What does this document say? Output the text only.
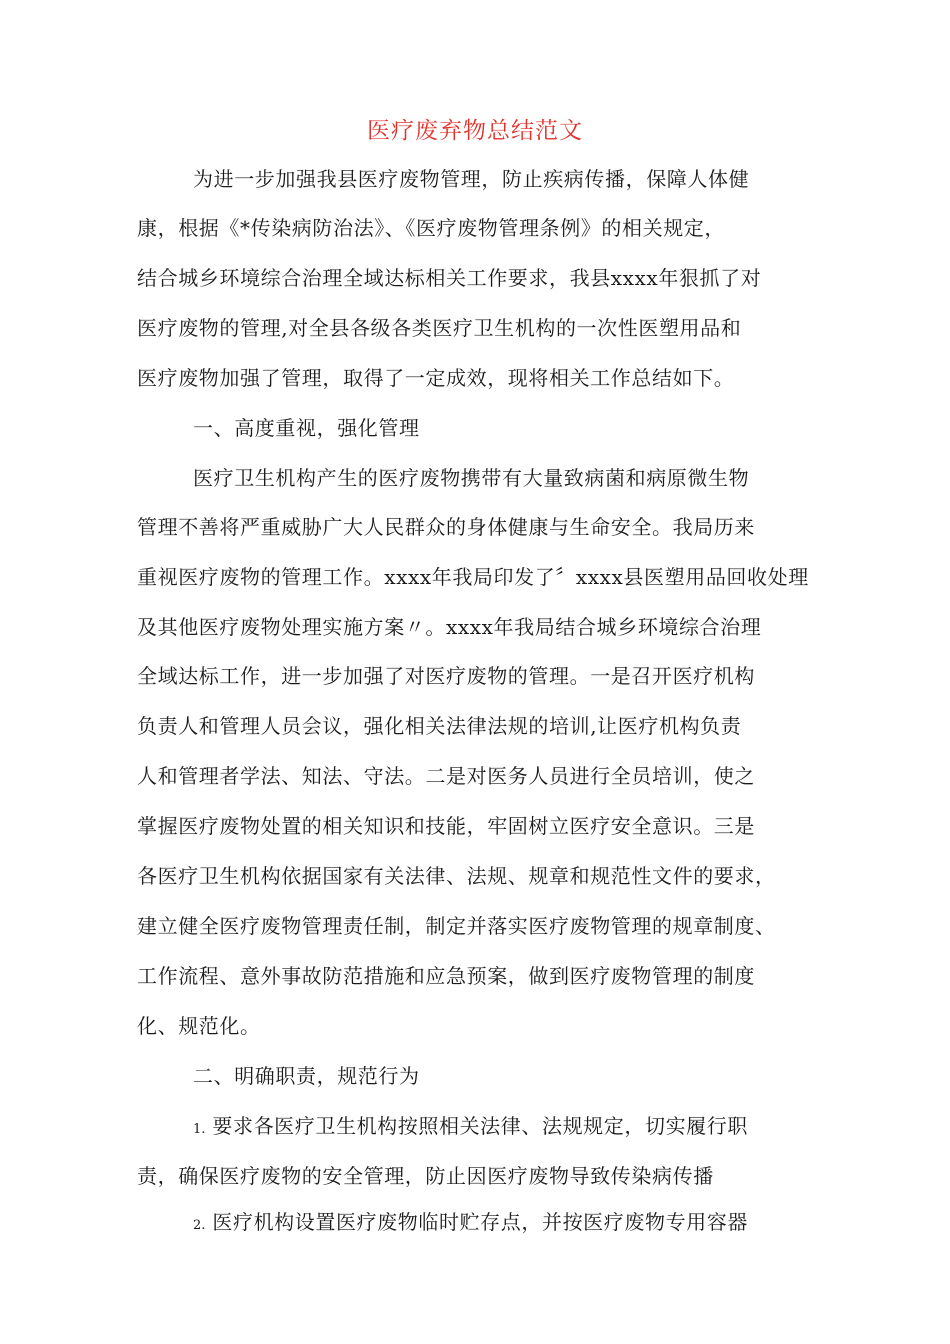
医疗废弃物总结范文
为进一步加强我县医疗废物管理，防止疾病传播，保障人体健
康，根据《*传染病防治法》、《医疗废物管理条例》的相关规定，
结合城乡环境综合治理全域达标相关工作要求，我县xxxx年狠抓了对
医疗废物的管理,对全县各级各类医疗卫生机构的一次性医塑用品和
医疗废物加强了管理，取得了一定成效，现将相关工作总结如下。
一、高度重视，强化管理
医疗卫生机构产生的医疗废物携带有大量致病菌和病原微生物
管理不善将严重威胁广大人民群众的身体健康与生命安全。我局历来
重视医疗废物的管理工作。xxxx年我局印发了〞xxxx县医塑用品回收处理
及其他医疗废物处理实施方案〃。xxxx年我局结合城乡环境综合治理
全域达标工作，进一步加强了对医疗废物的管理。一是召开医疗机构
负责人和管理人员会议，强化相关法律法规的培训,让医疗机构负责
人和管理者学法、知法、守法。二是对医务人员进行全员培训，使之
掌握医疗废物处置的相关知识和技能，牢固树立医疗安全意识。三是
各医疗卫生机构依据国家有关法律、法规、规章和规范性文件的要求，
建立健全医疗废物管理责任制，制定并落实医疗废物管理的规章制度、
工作流程、意外事故防范措施和应急预案，做到医疗废物管理的制度
化、规范化。
二、明确职责，规范行为
1. 要求各医疗卫生机构按照相关法律、法规规定，切实履行职
责，确保医疗废物的安全管理，防止因医疗废物导致传染病传播
2. 医疗机构设置医疗废物临时贮存点，并按医疗废物专用容器
